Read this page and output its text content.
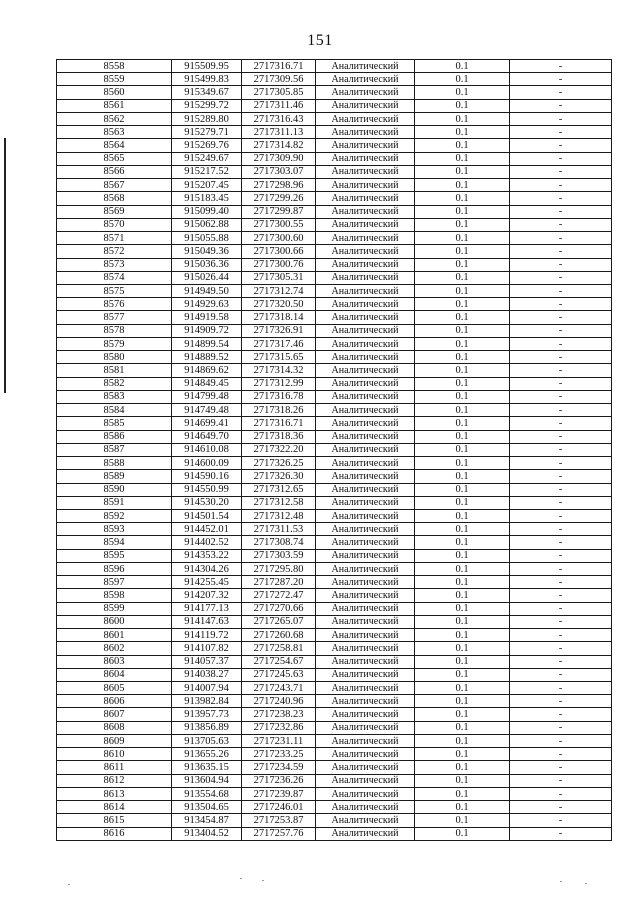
151
8558	915509.95	2717316.71	Аналитический	0.1	-
8559	915499.83	2717309.56	Аналитический	0.1	-
8560	915349.67	2717305.85	Аналитический	0.1	-
8561	915299.72	2717311.46	Аналитический	0.1	-
8562	915289.80	2717316.43	Аналитический	0.1	-
8563	915279.71	2717311.13	Аналитический	0.1	-
8564	915269.76	2717314.82	Аналитический	0.1	-
8565	915249.67	2717309.90	Аналитический	0.1	-
8566	915217.52	2717303.07	Аналитический	0.1	-
8567	915207.45	2717298.96	Аналитический	0.1	-
8568	915183.45	2717299.26	Аналитический	0.1	-
8569	915099.40	2717299.87	Аналитический	0.1	-
8570	915062.88	2717300.55	Аналитический	0.1	-
8571	915055.88	2717300.60	Аналитический	0.1	-
8572	915049.36	2717300.66	Аналитический	0.1	-
8573	915036.36	2717300.76	Аналитический	0.1	-
8574	915026.44	2717305.31	Аналитический	0.1	-
8575	914949.50	2717312.74	Аналитический	0.1	-
8576	914929.63	2717320.50	Аналитический	0.1	-
8577	914919.58	2717318.14	Аналитический	0.1	-
8578	914909.72	2717326.91	Аналитический	0.1	-
8579	914899.54	2717317.46	Аналитический	0.1	-
8580	914889.52	2717315.65	Аналитический	0.1	-
8581	914869.62	2717314.32	Аналитический	0.1	-
8582	914849.45	2717312.99	Аналитический	0.1	-
8583	914799.48	2717316.78	Аналитический	0.1	-
8584	914749.48	2717318.26	Аналитический	0.1	-
8585	914699.41	2717316.71	Аналитический	0.1	-
8586	914649.70	2717318.36	Аналитический	0.1	-
8587	914610.08	2717322.20	Аналитический	0.1	-
8588	914600.09	2717326.25	Аналитический	0.1	-
8589	914590.16	2717326.30	Аналитический	0.1	-
8590	914550.99	2717312.65	Аналитический	0.1	-
8591	914530.20	2717312.58	Аналитический	0.1	-
8592	914501.54	2717312.48	Аналитический	0.1	-
8593	914452.01	2717311.53	Аналитический	0.1	-
8594	914402.52	2717308.74	Аналитический	0.1	-
8595	914353.22	2717303.59	Аналитический	0.1	-
8596	914304.26	2717295.80	Аналитический	0.1	-
8597	914255.45	2717287.20	Аналитический	0.1	-
8598	914207.32	2717272.47	Аналитический	0.1	-
8599	914177.13	2717270.66	Аналитический	0.1	-
8600	914147.63	2717265.07	Аналитический	0.1	-
8601	914119.72	2717260.68	Аналитический	0.1	-
8602	914107.82	2717258.81	Аналитический	0.1	-
8603	914057.37	2717254.67	Аналитический	0.1	-
8604	914038.27	2717245.63	Аналитический	0.1	-
8605	914007.94	2717243.71	Аналитический	0.1	-
8606	913982.84	2717240.96	Аналитический	0.1	-
8607	913957.73	2717238.23	Аналитический	0.1	-
8608	913856.89	2717232.86	Аналитический	0.1	-
8609	913705.63	2717231.11	Аналитический	0.1	-
8610	913655.26	2717233.25	Аналитический	0.1	-
8611	913635.15	2717234.59	Аналитический	0.1	-
8612	913604.94	2717236.26	Аналитический	0.1	-
8613	913554.68	2717239.87	Аналитический	0.1	-
8614	913504.65	2717246.01	Аналитический	0.1	-
8615	913454.87	2717253.87	Аналитический	0.1	-
8616	913404.52	2717257.76	Аналитический	0.1	-
